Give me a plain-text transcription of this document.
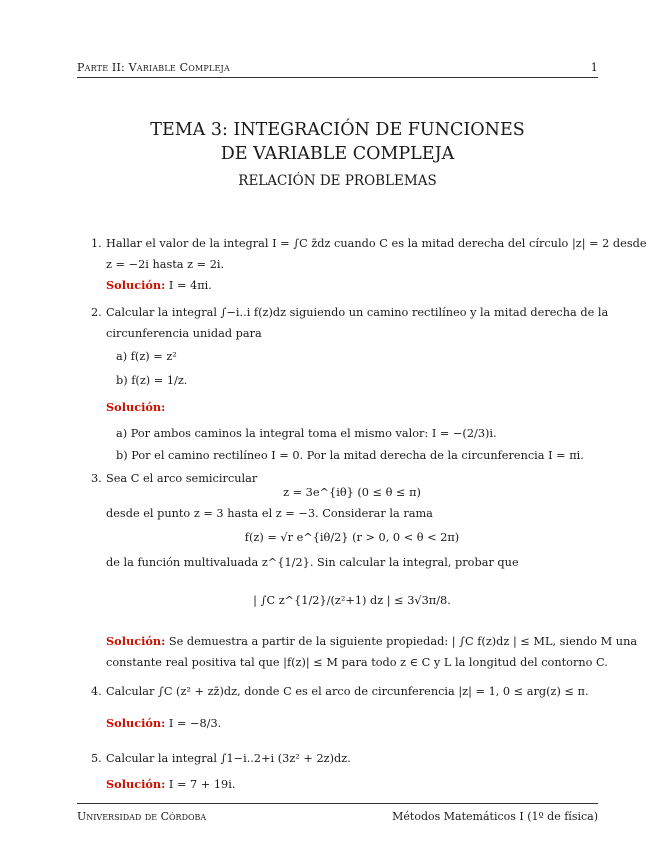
Parte II: Variable Compleja	1
TEMA 3: INTEGRACIÓN DE FUNCIONES
DE VARIABLE COMPLEJA
RELACIÓN DE PROBLEMAS
1. Hallar el valor de la integral I = ∫C z̄dz cuando C es la mitad derecha del círculo |z| = 2 desde
z = −2i hasta z = 2i.
Solución: I = 4πi.
2. Calcular la integral ∫−i..i f(z)dz siguiendo un camino rectilíneo y la mitad derecha de la
circunferencia unidad para
a) f(z) = z²
b) f(z) = 1/z.
Solución:
a) Por ambos caminos la integral toma el mismo valor: I = −(2/3)i.
b) Por el camino rectilíneo I = 0. Por la mitad derecha de la circunferencia I = πi.
3. Sea C el arco semicircular
z = 3e^{iθ} (0 ≤ θ ≤ π)
desde el punto z = 3 hasta el z = −3. Considerar la rama
f(z) = √r e^{iθ/2} (r > 0, 0 < θ < 2π)
de la función multivaluada z^{1/2}. Sin calcular la integral, probar que
| ∫C z^{1/2}/(z²+1) dz | ≤ 3√3π/8.
Solución: Se demuestra a partir de la siguiente propiedad: | ∫C f(z)dz | ≤ ML, siendo M una
constante real positiva tal que |f(z)| ≤ M para todo z ∈ C y L la longitud del contorno C.
4. Calcular ∫C (z² + zz̄)dz, donde C es el arco de circunferencia |z| = 1, 0 ≤ arg(z) ≤ π.
Solución: I = −8/3.
5. Calcular la integral ∫1−i..2+i (3z² + 2z)dz.
Solución: I = 7 + 19i.
Universidad de Córdoba	Métodos Matemáticos I (1º de física)
